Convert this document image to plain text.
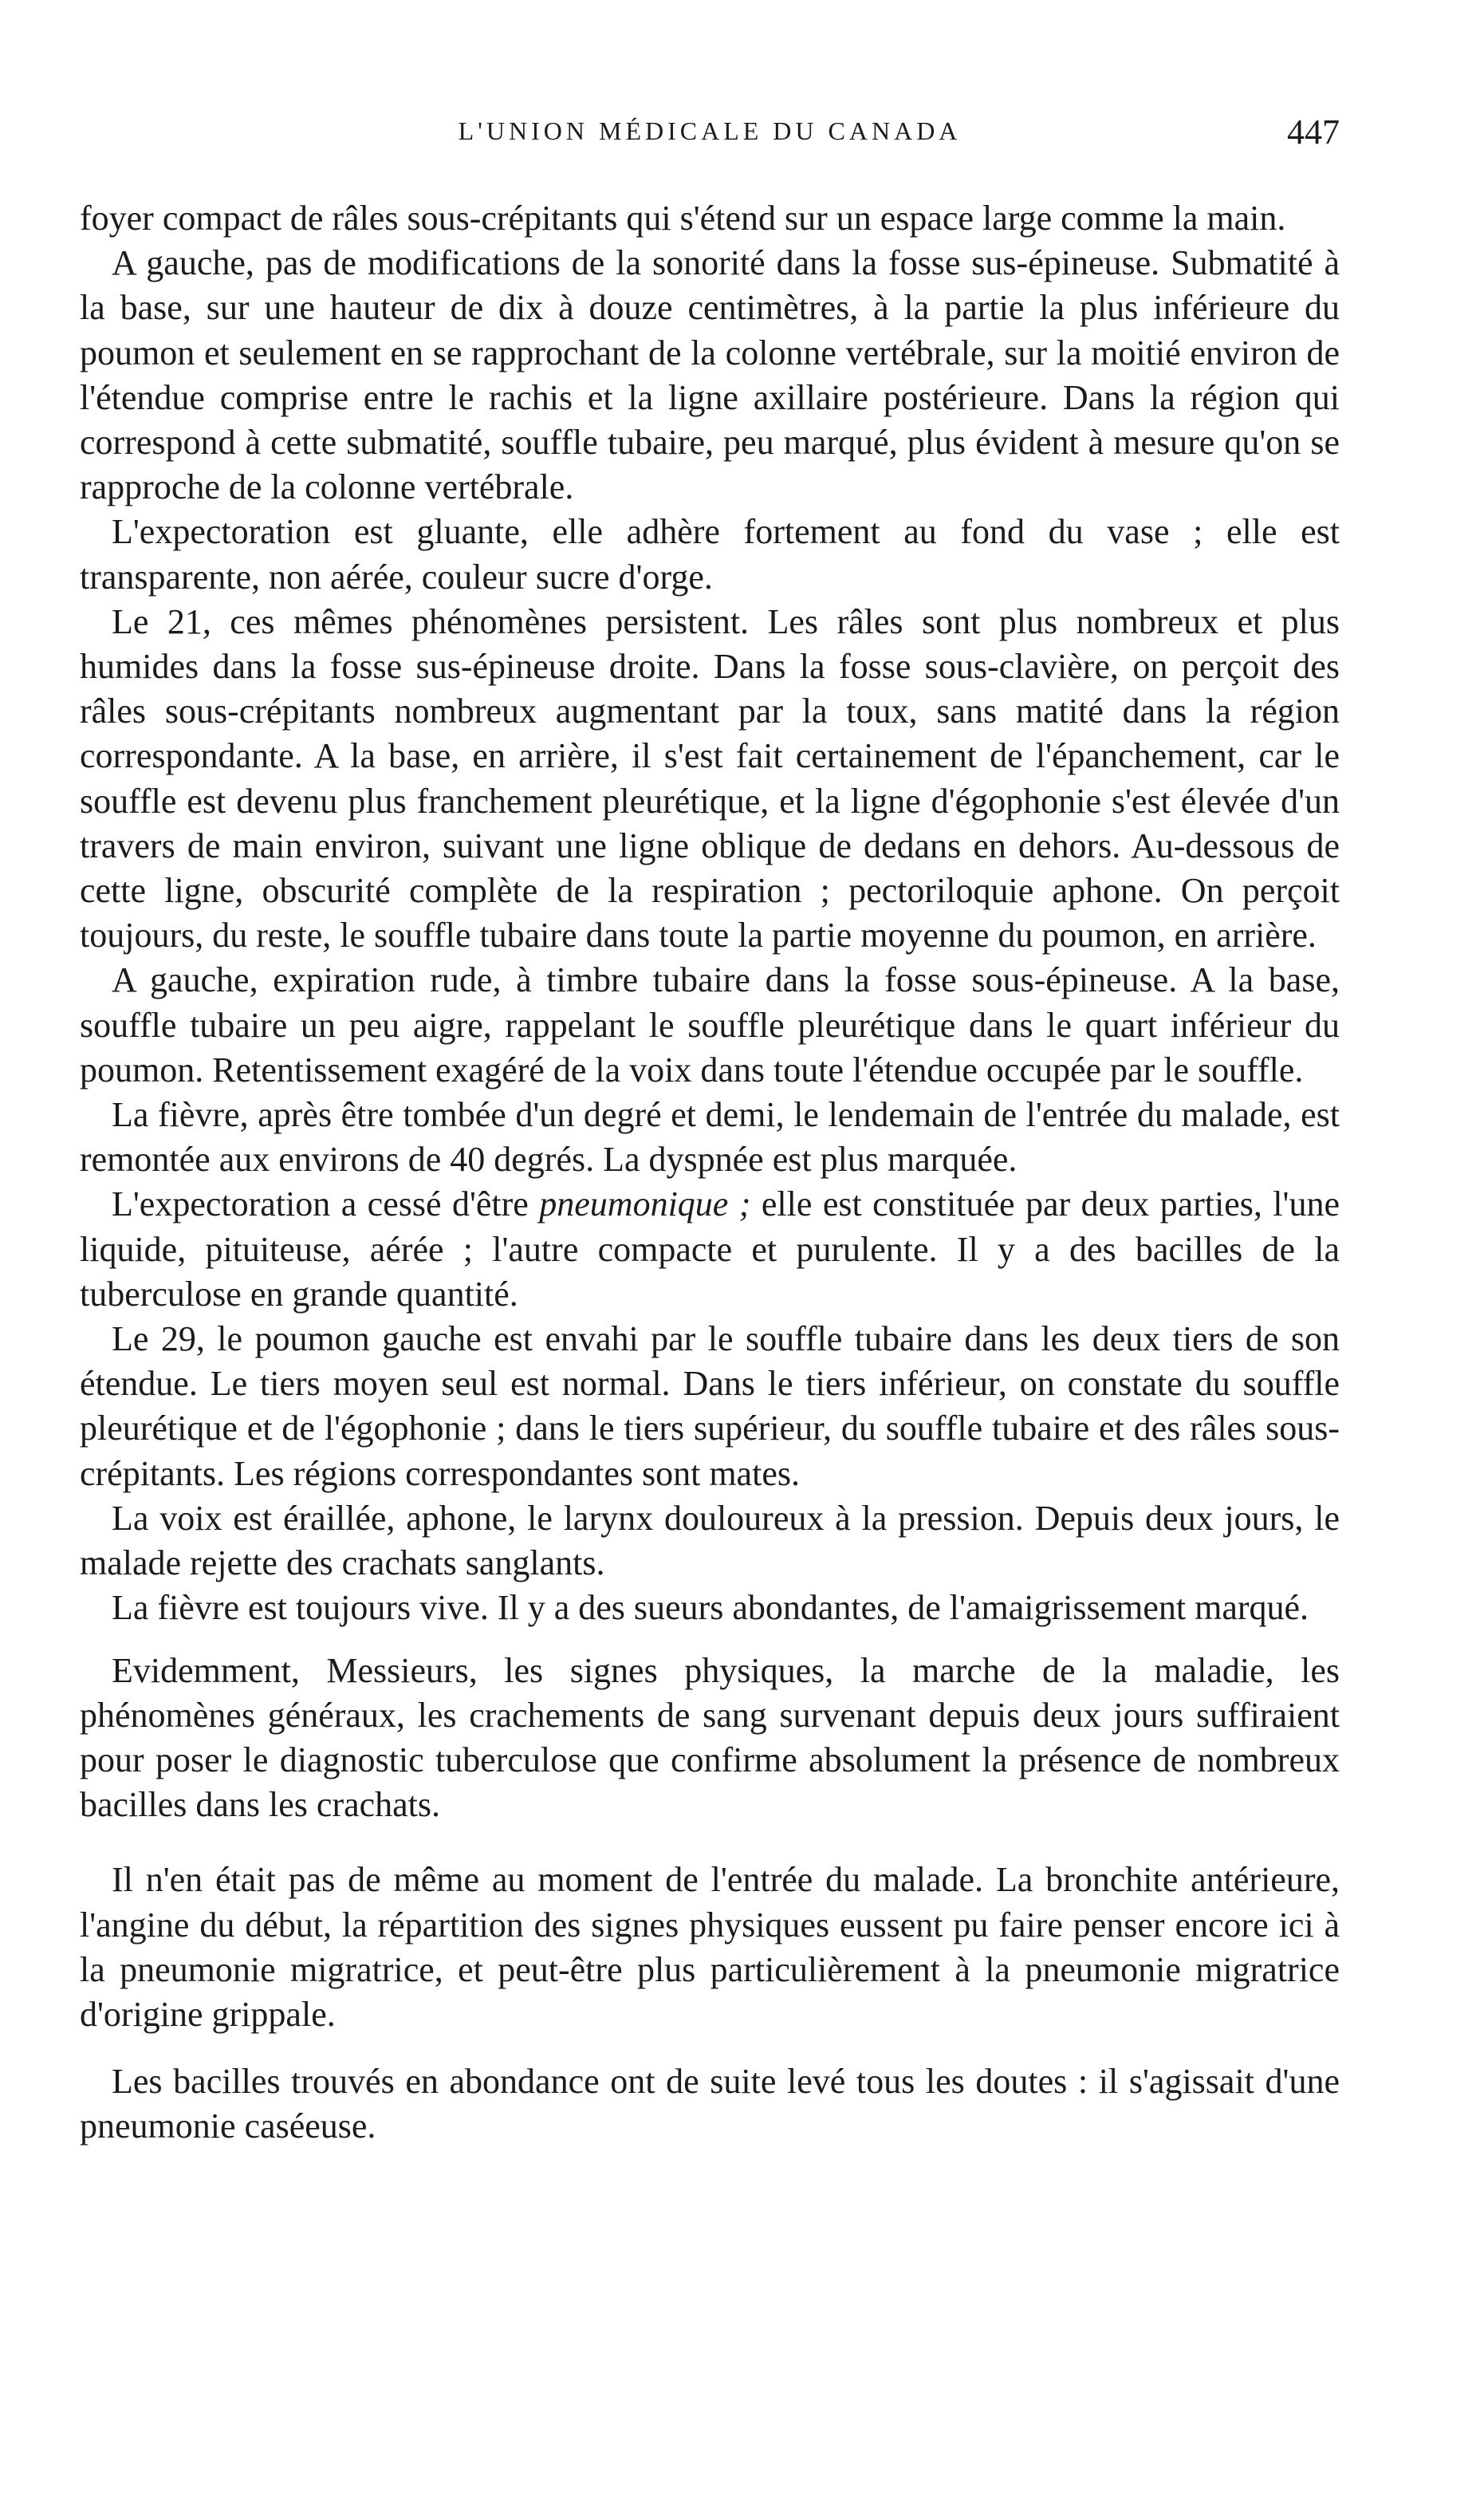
L'UNION MÉDICALE DU CANADA	447

foyer compact de râles sous-crépitants qui s'étend sur un espace large comme la main.

A gauche, pas de modifications de la sonorité dans la fosse sus-épineuse. Submatité à la base, sur une hauteur de dix à douze centimètres, à la partie la plus inférieure du poumon et seulement en se rapprochant de la colonne vertébrale, sur la moitié environ de l'étendue comprise entre le rachis et la ligne axillaire postérieure. Dans la région qui correspond à cette submatité, souffle tubaire, peu marqué, plus évident à mesure qu'on se rapproche de la colonne vertébrale.

L'expectoration est gluante, elle adhère fortement au fond du vase ; elle est transparente, non aérée, couleur sucre d'orge.

Le 21, ces mêmes phénomènes persistent. Les râles sont plus nombreux et plus humides dans la fosse sus-épineuse droite. Dans la fosse sous-clavière, on perçoit des râles sous-crépitants nombreux augmentant par la toux, sans matité dans la région correspondante. A la base, en arrière, il s'est fait certainement de l'épanchement, car le souffle est devenu plus franchement pleurétique, et la ligne d'égophonie s'est élevée d'un travers de main environ, suivant une ligne oblique de dedans en dehors. Au-dessous de cette ligne, obscurité complète de la respiration ; pectoriloquie aphone. On perçoit toujours, du reste, le souffle tubaire dans toute la partie moyenne du poumon, en arrière.

A gauche, expiration rude, à timbre tubaire dans la fosse sous-épineuse. A la base, souffle tubaire un peu aigre, rappelant le souffle pleurétique dans le quart inférieur du poumon. Retentissement exagéré de la voix dans toute l'étendue occupée par le souffle.

La fièvre, après être tombée d'un degré et demi, le lendemain de l'entrée du malade, est remontée aux environs de 40 degrés. La dyspnée est plus marquée.

L'expectoration a cessé d'être pneumonique ; elle est constituée par deux parties, l'une liquide, pituiteuse, aérée ; l'autre compacte et purulente. Il y a des bacilles de la tuberculose en grande quantité.

Le 29, le poumon gauche est envahi par le souffle tubaire dans les deux tiers de son étendue. Le tiers moyen seul est normal. Dans le tiers inférieur, on constate du souffle pleurétique et de l'égophonie ; dans le tiers supérieur, du souffle tubaire et des râles sous-crépitants. Les régions correspondantes sont mates.

La voix est éraillée, aphone, le larynx douloureux à la pression. Depuis deux jours, le malade rejette des crachats sanglants.

La fièvre est toujours vive. Il y a des sueurs abondantes, de l'amaigrissement marqué.

Evidemment, Messieurs, les signes physiques, la marche de la maladie, les phénomènes généraux, les crachements de sang survenant depuis deux jours suffiraient pour poser le diagnostic tuberculose que confirme absolument la présence de nombreux bacilles dans les crachats.

Il n'en était pas de même au moment de l'entrée du malade. La bronchite antérieure, l'angine du début, la répartition des signes physiques eussent pu faire penser encore ici à la pneumonie migratrice, et peut-être plus particulièrement à la pneumonie migratrice d'origine grippale.

Les bacilles trouvés en abondance ont de suite levé tous les doutes : il s'agissait d'une pneumonie caséeuse.
